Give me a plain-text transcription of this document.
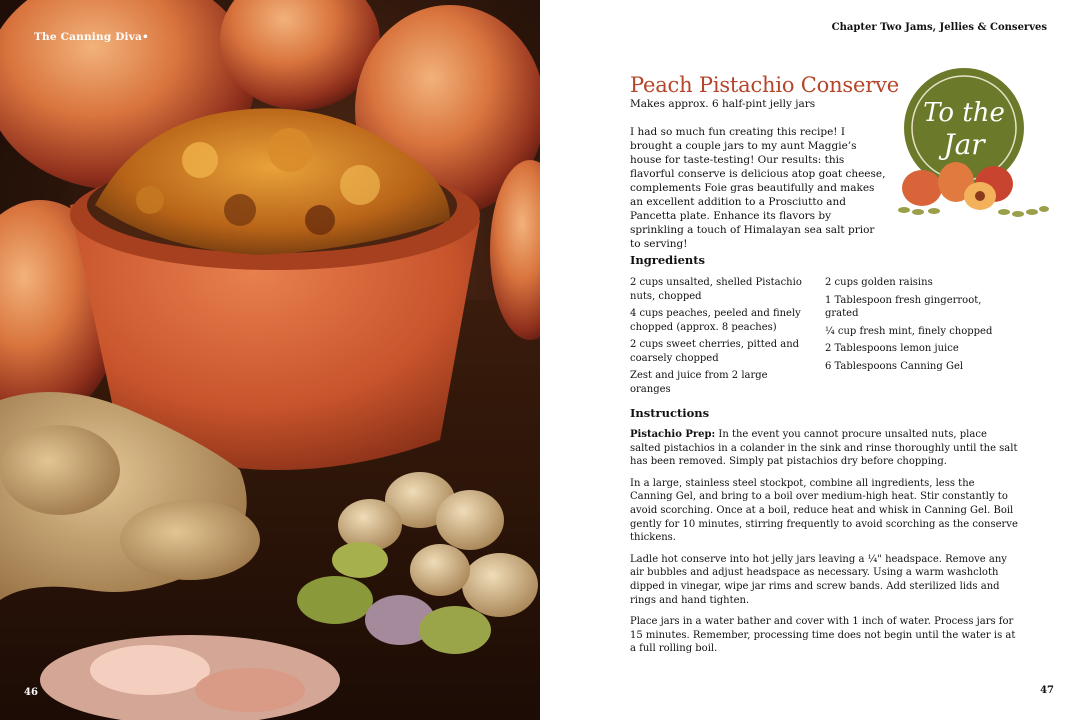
The Canning Diva•
46
Chapter Two Jams, Jellies & Conserves
Peach Pistachio Conserve
Makes approx. 6 half-pint jelly jars

I had so much fun creating this recipe! I brought a couple jars to my aunt Maggie’s house for taste-testing! Our results: this flavorful conserve is delicious atop goat cheese, complements Foie gras beautifully and makes an excellent addition to a Prosciutto and Pancetta plate. Enhance its flavors by sprinkling a touch of Himalayan sea salt prior to serving!

To the
Jar
Ingredients
2 cups unsalted, shelled Pistachio nuts, chopped
4 cups peaches, peeled and finely chopped (approx. 8 peaches)
2 cups sweet cherries, pitted and coarsely chopped
Zest and juice from 2 large oranges
2 cups golden raisins
1 Tablespoon fresh gingerroot, grated
¼ cup fresh mint, finely chopped
2 Tablespoons lemon juice
6 Tablespoons Canning Gel
Instructions

Pistachio Prep: In the event you cannot procure unsalted nuts, place salted pistachios in a colander in the sink and rinse thoroughly until the salt has been removed. Simply pat pistachios dry before chopping.

In a large, stainless steel stockpot, combine all ingredients, less the Canning Gel, and bring to a boil over medium-high heat. Stir constantly to avoid scorching. Once at a boil, reduce heat and whisk in Canning Gel. Boil gently for 10 minutes, stirring frequently to avoid scorching as the conserve thickens.

Ladle hot conserve into hot jelly jars leaving a ¼" headspace. Remove any air bubbles and adjust headspace as necessary. Using a warm washcloth dipped in vinegar, wipe jar rims and screw bands. Add sterilized lids and rings and hand tighten.

Place jars in a water bather and cover with 1 inch of water. Process jars for 15 minutes. Remember, processing time does not begin until the water is at a full rolling boil.

47
